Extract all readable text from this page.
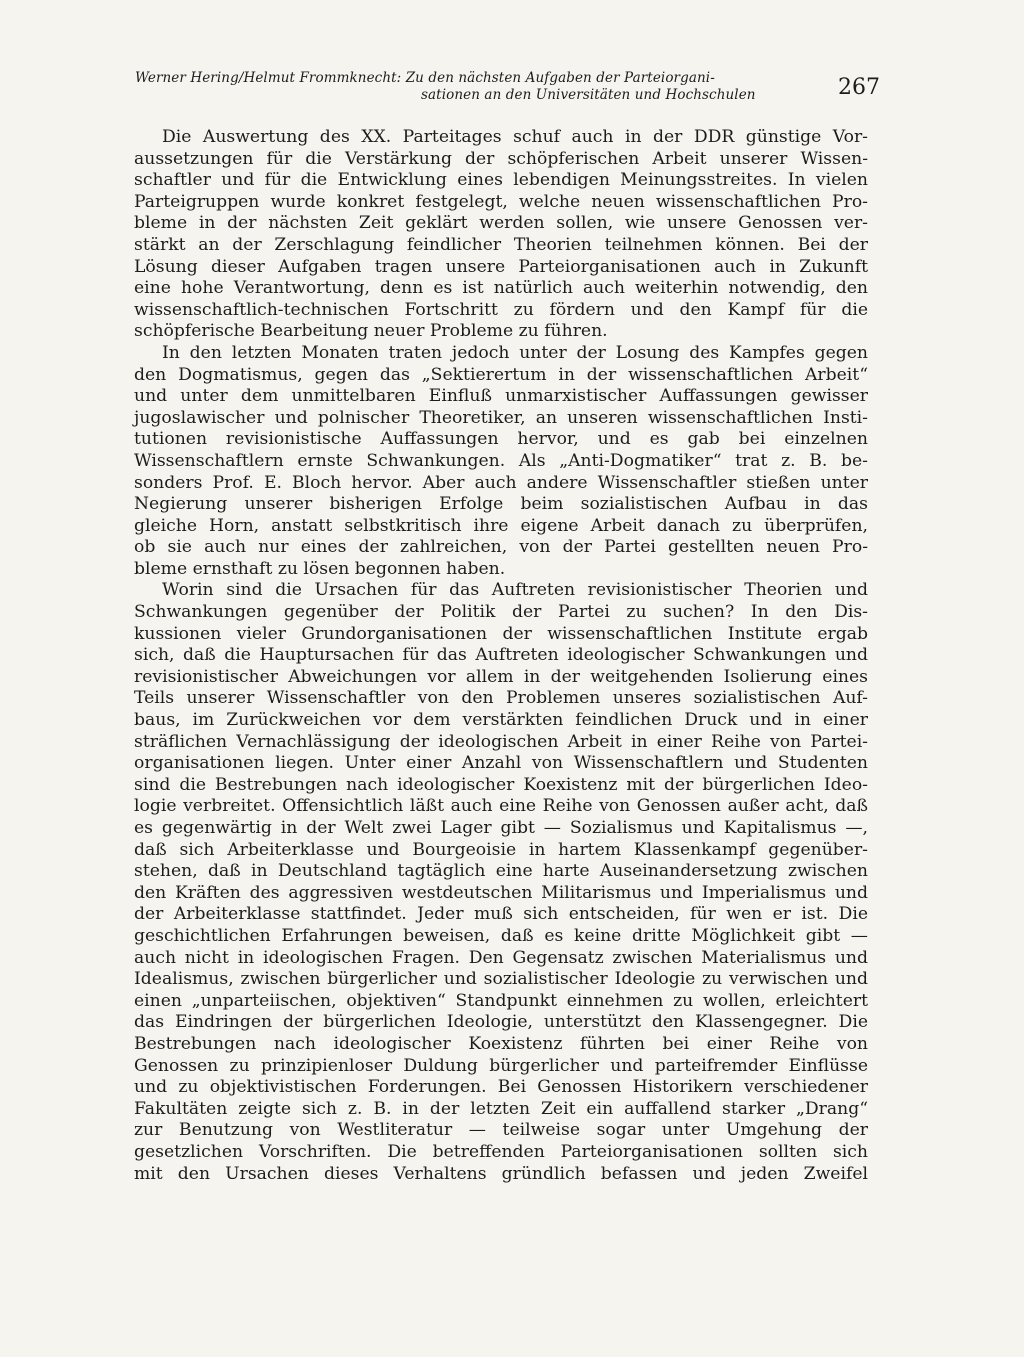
Werner Hering/Helmut Frommknecht: Zu den nächsten Aufgaben der Parteiorgani-
sationen an den Universitäten und Hochschulen	267
Die Auswertung des XX. Parteitages schuf auch in der DDR günstige Vor-
aussetzungen für die Verstärkung der schöpferischen Arbeit unserer Wissen-
schaftler und für die Entwicklung eines lebendigen Meinungsstreites. In vielen
Parteigruppen wurde konkret festgelegt, welche neuen wissenschaftlichen Pro-
bleme in der nächsten Zeit geklärt werden sollen, wie unsere Genossen ver-
stärkt an der Zerschlagung feindlicher Theorien teilnehmen können. Bei der
Lösung dieser Aufgaben tragen unsere Parteiorganisationen auch in Zukunft
eine hohe Verantwortung, denn es ist natürlich auch weiterhin notwendig, den
wissenschaftlich-technischen Fortschritt zu fördern und den Kampf für die
schöpferische Bearbeitung neuer Probleme zu führen.
In den letzten Monaten traten jedoch unter der Losung des Kampfes gegen
den Dogmatismus, gegen das „Sektierertum in der wissenschaftlichen Arbeit“
und unter dem unmittelbaren Einfluß unmarxistischer Auffassungen gewisser
jugoslawischer und polnischer Theoretiker, an unseren wissenschaftlichen Insti-
tutionen revisionistische Auffassungen hervor, und es gab bei einzelnen
Wissenschaftlern ernste Schwankungen. Als „Anti-Dogmatiker“ trat z. B. be-
sonders Prof. E. Bloch hervor. Aber auch andere Wissenschaftler stießen unter
Negierung unserer bisherigen Erfolge beim sozialistischen Aufbau in das
gleiche Horn, anstatt selbstkritisch ihre eigene Arbeit danach zu überprüfen,
ob sie auch nur eines der zahlreichen, von der Partei gestellten neuen Pro-
bleme ernsthaft zu lösen begonnen haben.
Worin sind die Ursachen für das Auftreten revisionistischer Theorien und
Schwankungen gegenüber der Politik der Partei zu suchen? In den Dis-
kussionen vieler Grundorganisationen der wissenschaftlichen Institute ergab
sich, daß die Hauptursachen für das Auftreten ideologischer Schwankungen und
revisionistischer Abweichungen vor allem in der weitgehenden Isolierung eines
Teils unserer Wissenschaftler von den Problemen unseres sozialistischen Auf-
baus, im Zurückweichen vor dem verstärkten feindlichen Druck und in einer
sträflichen Vernachlässigung der ideologischen Arbeit in einer Reihe von Partei-
organisationen liegen. Unter einer Anzahl von Wissenschaftlern und Studenten
sind die Bestrebungen nach ideologischer Koexistenz mit der bürgerlichen Ideo-
logie verbreitet. Offensichtlich läßt auch eine Reihe von Genossen außer acht, daß
es gegenwärtig in der Welt zwei Lager gibt — Sozialismus und Kapitalismus —,
daß sich Arbeiterklasse und Bourgeoisie in hartem Klassenkampf gegenüber-
stehen, daß in Deutschland tagtäglich eine harte Auseinandersetzung zwischen
den Kräften des aggressiven westdeutschen Militarismus und Imperialismus und
der Arbeiterklasse stattfindet. Jeder muß sich entscheiden, für wen er ist. Die
geschichtlichen Erfahrungen beweisen, daß es keine dritte Möglichkeit gibt —
auch nicht in ideologischen Fragen. Den Gegensatz zwischen Materialismus und
Idealismus, zwischen bürgerlicher und sozialistischer Ideologie zu verwischen und
einen „unparteiischen, objektiven“ Standpunkt einnehmen zu wollen, erleichtert
das Eindringen der bürgerlichen Ideologie, unterstützt den Klassengegner. Die
Bestrebungen nach ideologischer Koexistenz führten bei einer Reihe von
Genossen zu prinzipienloser Duldung bürgerlicher und parteifremder Einflüsse
und zu objektivistischen Forderungen. Bei Genossen Historikern verschiedener
Fakultäten zeigte sich z. B. in der letzten Zeit ein auffallend starker „Drang“
zur Benutzung von Westliteratur — teilweise sogar unter Umgehung der
gesetzlichen Vorschriften. Die betreffenden Parteiorganisationen sollten sich
mit den Ursachen dieses Verhaltens gründlich befassen und jeden Zweifel
